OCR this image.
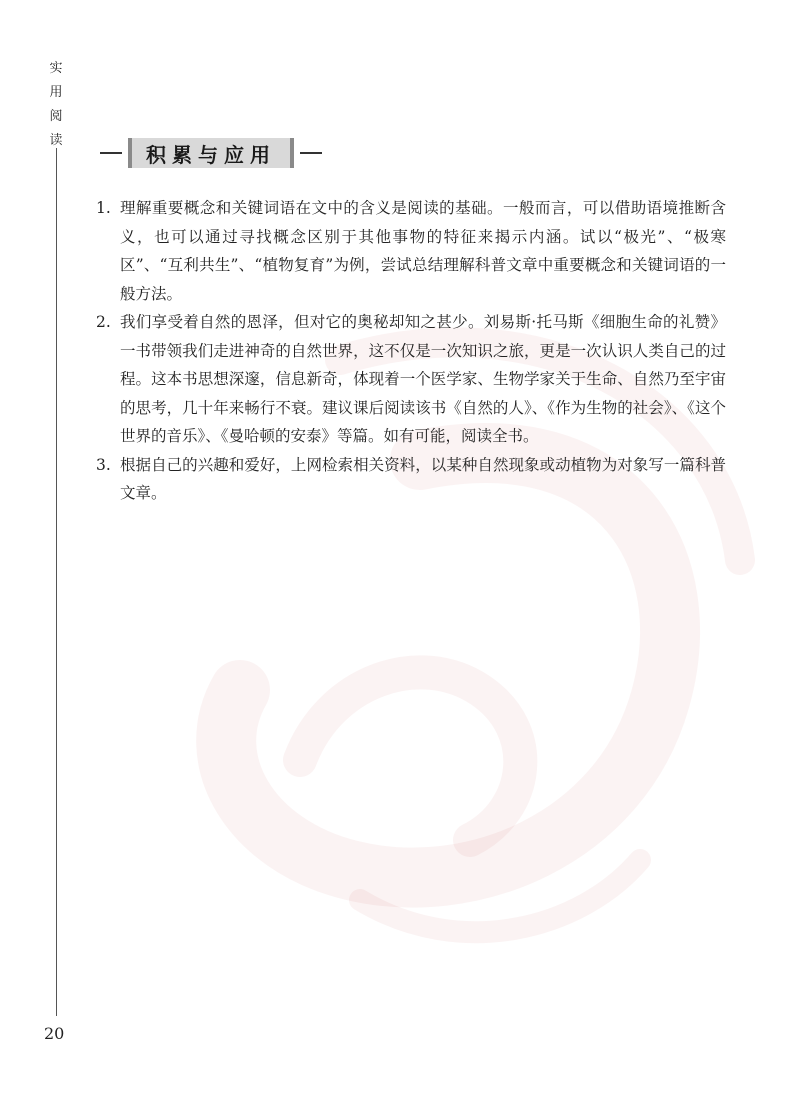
实
用
阅
读
积累与应用
1. 理解重要概念和关键词语在文中的含义是阅读的基础。一般而言，可以借助语境推断含义，也可以通过寻找概念区别于其他事物的特征来揭示内涵。试以“极光”、“极寒区”、“互利共生”、“植物复育”为例，尝试总结理解科普文章中重要概念和关键词语的一般方法。
2. 我们享受着自然的恩泽，但对它的奥秘却知之甚少。刘易斯·托马斯《细胞生命的礼赞》一书带领我们走进神奇的自然世界，这不仅是一次知识之旅，更是一次认识人类自己的过程。这本书思想深邃，信息新奇，体现着一个医学家、生物学家关于生命、自然乃至宇宙的思考，几十年来畅行不衰。建议课后阅读该书《自然的人》、《作为生物的社会》、《这个世界的音乐》、《曼哈顿的安泰》等篇。如有可能，阅读全书。
3. 根据自己的兴趣和爱好，上网检索相关资料，以某种自然现象或动植物为对象写一篇科普文章。
20
